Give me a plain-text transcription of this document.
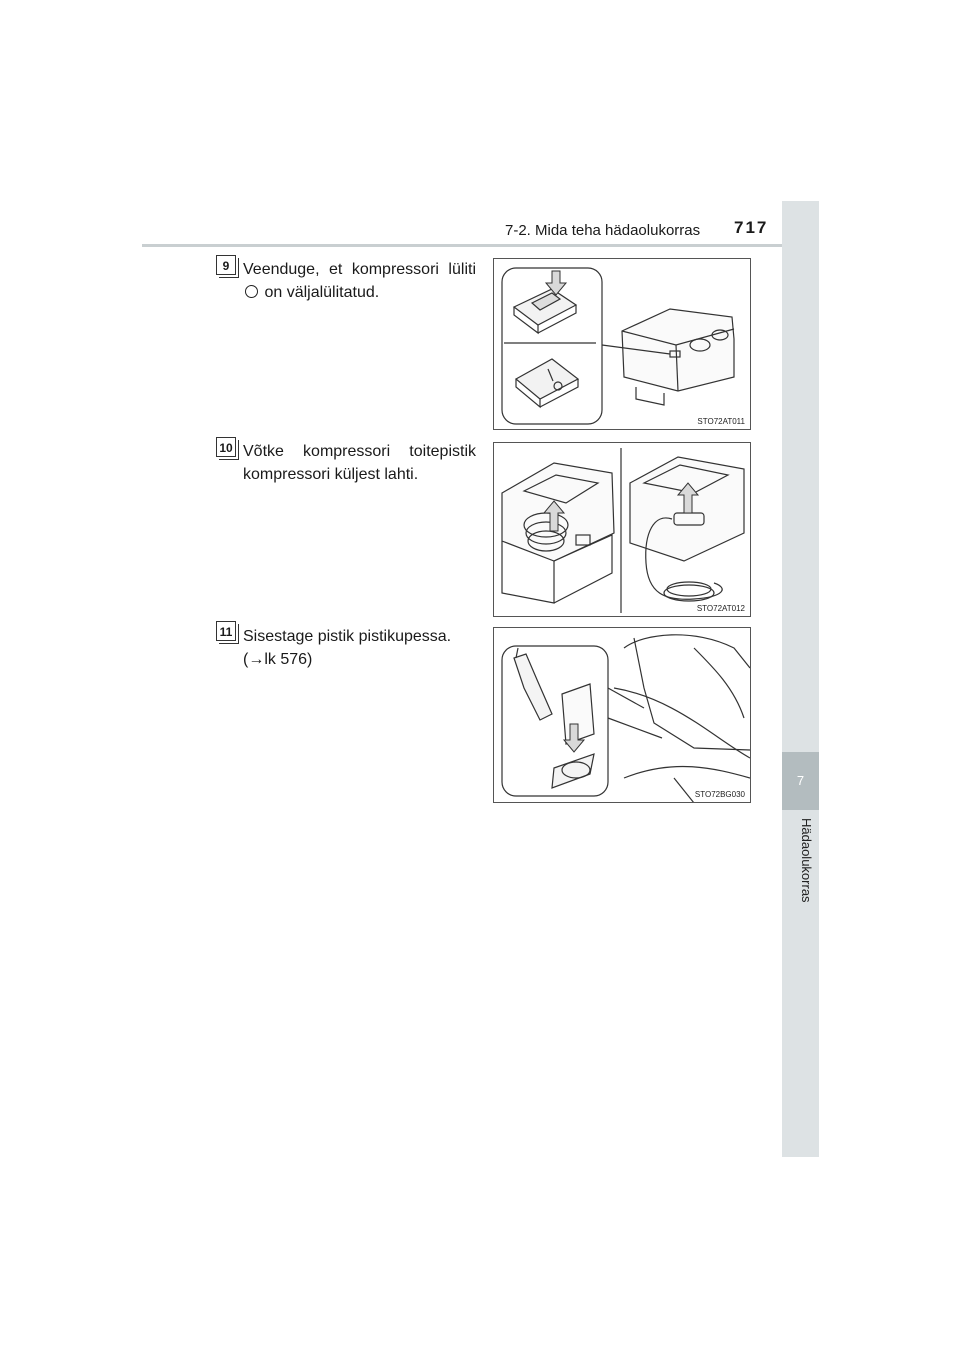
7-2. Mida teha hädaolukorras 717
7
Hädaolukorras
9 Veenduge, et kompressori lüliti  on väljalülitatud.
STO72AT011
10 Võtke kompressori toitepistik kompressori küljest lahti.
STO72AT012
11 Sisestage pistik pistikupessa.
(→lk 576)
STO72BG030
